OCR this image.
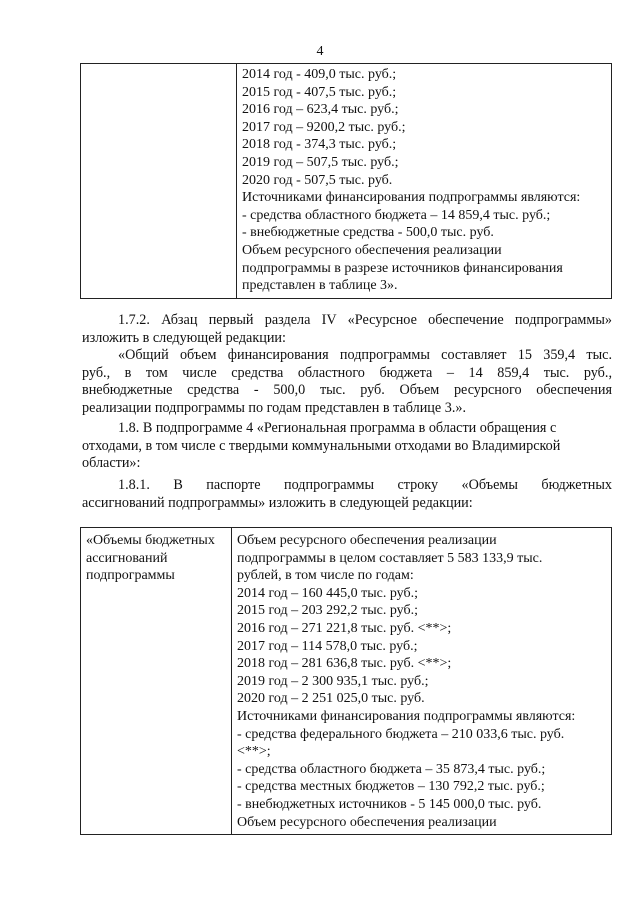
4

2014 год - 409,0 тыс. руб.;
2015 год - 407,5 тыс. руб.;
2016 год – 623,4 тыс. руб.;
2017 год – 9200,2 тыс. руб.;
2018 год - 374,3 тыс. руб.;
2019 год – 507,5 тыс. руб.;
2020 год - 507,5 тыс. руб.
Источниками финансирования подпрограммы являются:
- средства областного бюджета – 14 859,4 тыс. руб.;
- внебюджетные средства - 500,0 тыс. руб.
Объем ресурсного обеспечения реализации
подпрограммы в разрезе источников финансирования
представлен в таблице 3».
1.7.2. Абзац первый раздела IV «Ресурсное обеспечение подпрограммы»
изложить в следующей редакции:
«Общий объем финансирования подпрограммы составляет 15 359,4 тыс.
руб., в том числе средства областного бюджета – 14 859,4 тыс. руб.,
внебюджетные средства - 500,0 тыс. руб. Объем ресурсного обеспечения
реализации подпрограммы по годам представлен в таблице 3.».
1.8. В подпрограмме 4 «Региональная программа в области обращения с
отходами, в том числе с твердыми коммунальными отходами во Владимирской
области»:
1.8.1. В паспорте подпрограммы строку «Объемы бюджетных
ассигнований подпрограммы» изложить в следующей редакции:
«Объемы бюджетных
ассигнований
подпрограммы

Объем ресурсного обеспечения реализации
подпрограммы в целом составляет 5 583 133,9 тыс.
рублей, в том числе по годам:
2014 год – 160 445,0 тыс. руб.;
2015 год – 203 292,2 тыс. руб.;
2016 год – 271 221,8 тыс. руб. <**>;
2017 год – 114 578,0 тыс. руб.;
2018 год – 281 636,8 тыс. руб. <**>;
2019 год – 2 300 935,1 тыс. руб.;
2020 год – 2 251 025,0 тыс. руб.
Источниками финансирования подпрограммы являются:
- средства федерального бюджета – 210 033,6 тыс. руб.
<**>;
- средства областного бюджета – 35 873,4 тыс. руб.;
- средства местных бюджетов – 130 792,2 тыс. руб.;
- внебюджетных источников - 5 145 000,0 тыс. руб.
Объем ресурсного обеспечения реализации
